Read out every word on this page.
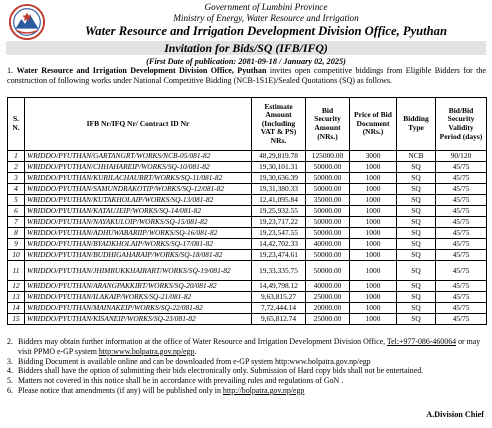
Government of Lumbini Province
Ministry of Energy, Water Resource and Irrigation
Water Resource and Irrigation Development Division Office, Pyuthan
Invitation for Bids/SQ (IFB/IFQ)
(First Date of publication: 2081-09-18 / January 02, 2025)
1. Water Resource and Irrigation Development Division Office, Pyuthan invites open competitive biddings from Eligible Bidders for the construction of following works under National Competitive Bidding (NCB-1S1E)/Sealed Quotations (SQ) as follows.
S. N.	IFB Nr/IFQ Nr/ Contract ID Nr	Estimate Amount (Including VAT & PS) NRs.	Bid Security Amount (NRs.)	Price of Bid Document (NRs.)	Bidding Type	Bid/Bid Security Validity Period (days)
1	WRIDDO/PYUTHAN/GARTANGRT/WORKS/NCB-05/081-82	48,29,819.78	125000.00	3000	NCB	90/120
2	WRIDDO/PYUTHAN/CHHAHAREIP/WORKS/SQ-10/081-82	19,30,101.31	50000.00	1000	SQ	45/75
3	WRIDDO/PYUTHAN/KURILACHAURRT/WORKS/SQ-11/081-82	19,30,636.39	50000.00	1000	SQ	45/75
4	WRIDDO/PYUTHAN/SAMUNDRAKOTIP/WORKS/SQ-12/081-82	19,31,380.33	50000.00	1000	SQ	45/75
5	WRIDDO/PYUTHAN/KUTAKHOLAIP/WORKS/SQ-13/081-82	12,41,095.84	35000.00	1000	SQ	45/75
6	WRIDDO/PYUTHAN/KATAUJEIP/WORKS/SQ-14/081-82	19,25,932.55	50000.00	1000	SQ	45/75
7	WRIDDO/PYUTHAN/NAYAKULOIP/WORKS/SQ-15/081-82	19,23,717.22	50000.00	1000	SQ	45/75
8	WRIDDO/PYUTHAN/ADHUWABARIIP/WORKS/SQ-16/081-82	19,23,547.55	50000.00	1000	SQ	45/75
9	WRIDDO/PYUTHAN/BYADKHOLAIP/WORKS/SQ-17/081-82	14,42,702.33	40000.00	1000	SQ	45/75
10	WRIDDO/PYUTHAN/BUDHIGAHARAIP/WORKS/SQ-18/081-82	19,23,474.61	50000.00	1000	SQ	45/75
11	WRIDDO/PYUTHAN/JHIMRUKKHAIRART/WORKS/SQ-19/081-82	19,33,335.75	50000.00	1000	SQ	45/75
12	WRIDDO/PYUTHAN/ARANGPAKKIRT/WORKS/SQ-20/081-82	14,49,798.12	40000.00	1000	SQ	45/75
13	WRIDDO/PYUTHAN/ILAKAIP/WORKS/SQ-21/081-82	9,63,815.27	25000.00	1000	SQ	45/75
14	WRIDDO/PYUTHAN/MAINAKEIP/WORKS/SQ-22/081-82	7,72,444.14	20000.00	1000	SQ	45/75
15	WRIDDO/PYUTHAN/KISANEIP/WORKS/SQ-23/081-82	9,65,812.74	25000.00	1000	SQ	45/75
2. Bidders may obtain further information at the office of Water Resource and Irrigation Development Division Office, Tel:+977-086-460064 or may visit PPMO e-GP system http:www.bolpatra.gov.np/egp.
3. Bidding Document is available online and can be downloaded from e-GP system http:www.bolpatra.gov.np/egp
4. Bidders shall have the option of submitting their bids electronically only. Submission of Hard copy bids shall not be entertained.
5. Matters not covered in this notice shall be in accordance with prevailing rules and regulations of GoN .
6. Please notice that amendments (if any) will be published only in http://bolpatra.gov.np/egp
A.Division Chief
